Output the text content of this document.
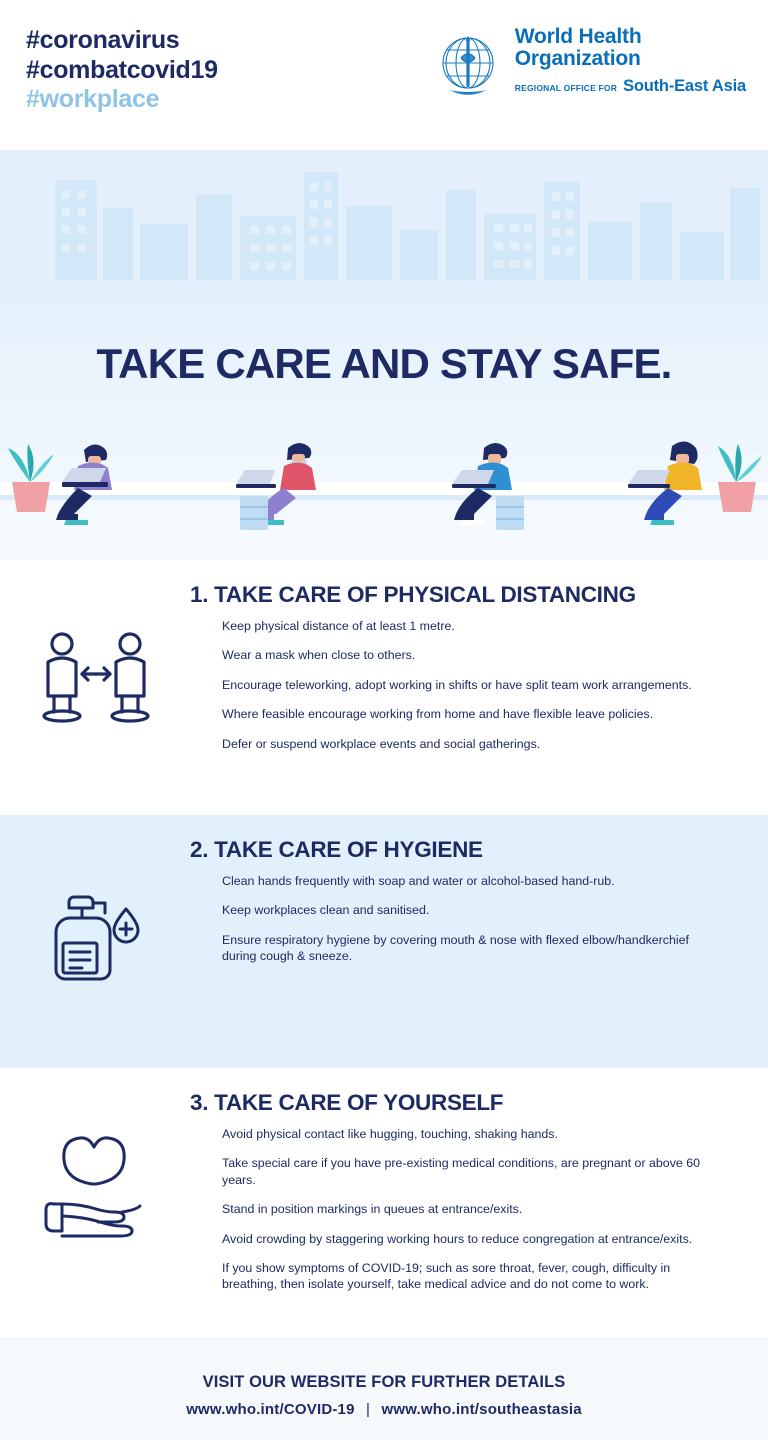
#coronavirus
#combatcovid19
#workplace
World Health
Organization
REGIONAL OFFICE FOR South-East Asia
TAKE CARE AND STAY SAFE.
1. TAKE CARE OF PHYSICAL DISTANCING

Keep physical distance of at least 1 metre.

Wear a mask when close to others.

Encourage teleworking, adopt working in shifts or have split team work arrangements.

Where feasible encourage working from home and have flexible leave policies.

Defer or suspend workplace events and social gatherings.

2. TAKE CARE OF HYGIENE

Clean hands frequently with soap and water or alcohol-based hand-rub.

Keep workplaces clean and sanitised.

Ensure respiratory hygiene by covering mouth & nose with flexed elbow/handkerchief during cough & sneeze.

3. TAKE CARE OF YOURSELF

Avoid physical contact like hugging, touching, shaking hands.

Take special care if you have pre-existing medical conditions, are pregnant or above 60 years.

Stand in position markings in queues at entrance/exits.

Avoid crowding by staggering working hours to reduce congregation at entrance/exits.

If you show symptoms of COVID-19; such as sore throat, fever, cough, difficulty in breathing, then isolate yourself, take medical advice and do not come to work.

VISIT OUR WEBSITE FOR FURTHER DETAILS
www.who.int/COVID-19 | www.who.int/southeastasia
